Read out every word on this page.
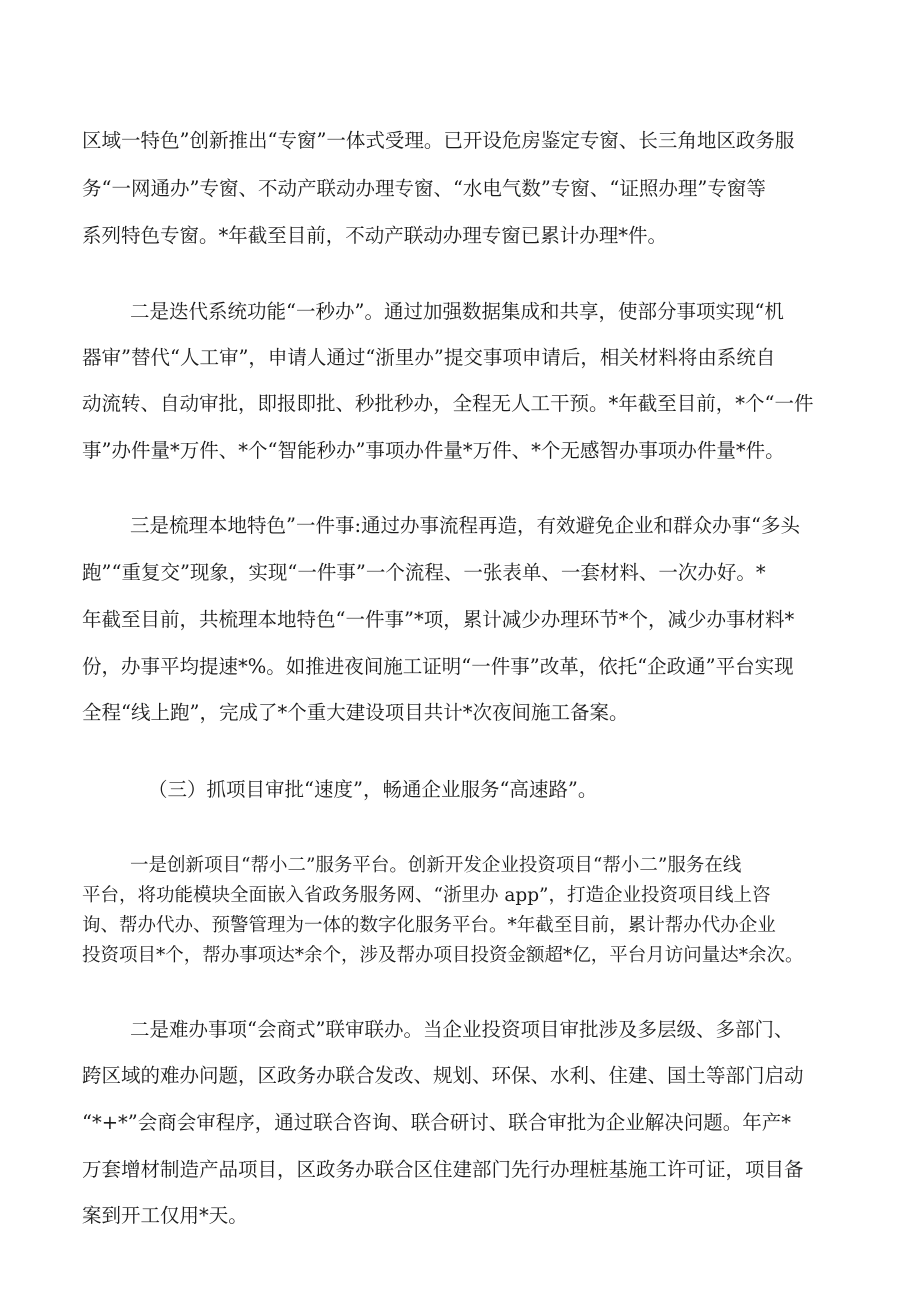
区域一特色”创新推出“专窗”一体式受理。已开设危房鉴定专窗、长三角地区政务服
务“一网通办”专窗、不动产联动办理专窗、“水电气数”专窗、“证照办理”专窗等
系列特色专窗。*年截至目前，不动产联动办理专窗已累计办理*件。
二是迭代系统功能“一秒办”。通过加强数据集成和共享，使部分事项实现“机
器审”替代“人工审”，申请人通过“浙里办”提交事项申请后，相关材料将由系统自
动流转、自动审批，即报即批、秒批秒办，全程无人工干预。*年截至目前，*个“一件
事”办件量*万件、*个“智能秒办”事项办件量*万件、*个无感智办事项办件量*件。
三是梳理本地特色”一件事:通过办事流程再造，有效避免企业和群众办事“多头
跑”“重复交”现象，实现“一件事”一个流程、一张表单、一套材料、一次办好。*
年截至目前，共梳理本地特色“一件事”*项，累计减少办理环节*个，减少办事材料*
份，办事平均提速*%。如推进夜间施工证明“一件事”改革，依托“企政通”平台实现
全程“线上跑”，完成了*个重大建设项目共计*次夜间施工备案。
（三）抓项目审批“速度”，畅通企业服务“高速路”。
一是创新项目“帮小二”服务平台。创新开发企业投资项目“帮小二”服务在线
平台，将功能模块全面嵌入省政务服务网、“浙里办 app”，打造企业投资项目线上咨
询、帮办代办、预警管理为一体的数字化服务平台。*年截至目前，累计帮办代办企业
投资项目*个，帮办事项达*余个，涉及帮办项目投资金额超*亿，平台月访问量达*余次。
二是难办事项“会商式”联审联办。当企业投资项目审批涉及多层级、多部门、
跨区域的难办问题，区政务办联合发改、规划、环保、水利、住建、国土等部门启动
“*+*”会商会审程序，通过联合咨询、联合研讨、联合审批为企业解决问题。年产*
万套增材制造产品项目，区政务办联合区住建部门先行办理桩基施工许可证，项目备
案到开工仅用*天。
